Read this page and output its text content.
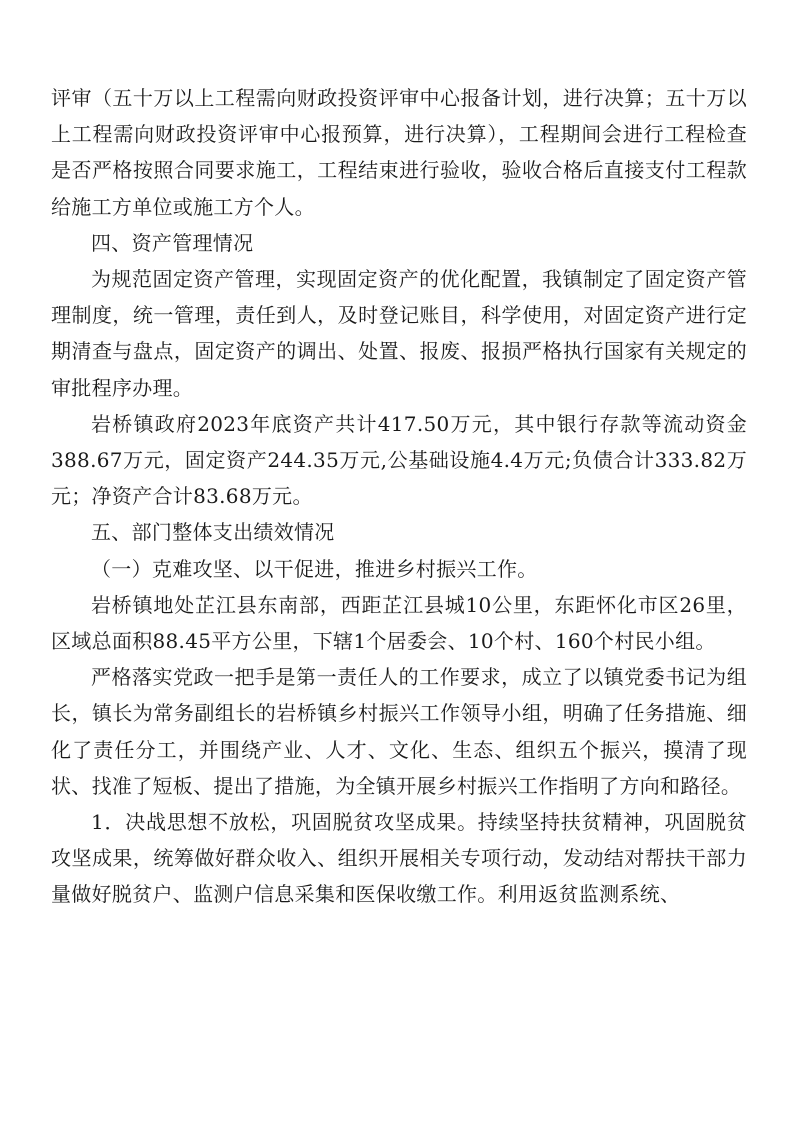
评审（五十万以上工程需向财政投资评审中心报备计划，进行决算；五十万以上工程需向财政投资评审中心报预算，进行决算），工程期间会进行工程检查是否严格按照合同要求施工，工程结束进行验收，验收合格后直接支付工程款给施工方单位或施工方个人。

四、资产管理情况

为规范固定资产管理，实现固定资产的优化配置，我镇制定了固定资产管理制度，统一管理，责任到人，及时登记账目，科学使用，对固定资产进行定期清查与盘点，固定资产的调出、处置、报废、报损严格执行国家有关规定的审批程序办理。

岩桥镇政府2023年底资产共计417.50万元，其中银行存款等流动资金388.67万元，固定资产244.35万元,公基础设施4.4万元;负债合计333.82万元；净资产合计83.68万元。

五、部门整体支出绩效情况

（一）克难攻坚、以干促进，推进乡村振兴工作。

岩桥镇地处芷江县东南部，西距芷江县城10公里，东距怀化市区26里，区域总面积88.45平方公里，下辖1个居委会、10个村、160个村民小组。

严格落实党政一把手是第一责任人的工作要求，成立了以镇党委书记为组长，镇长为常务副组长的岩桥镇乡村振兴工作领导小组，明确了任务措施、细化了责任分工，并围绕产业、人才、文化、生态、组织五个振兴，摸清了现状、找准了短板、提出了措施，为全镇开展乡村振兴工作指明了方向和路径。

1．决战思想不放松，巩固脱贫攻坚成果。持续坚持扶贫精神，巩固脱贫攻坚成果，统筹做好群众收入、组织开展相关专项行动，发动结对帮扶干部力量做好脱贫户、监测户信息采集和医保收缴工作。利用返贫监测系统、
